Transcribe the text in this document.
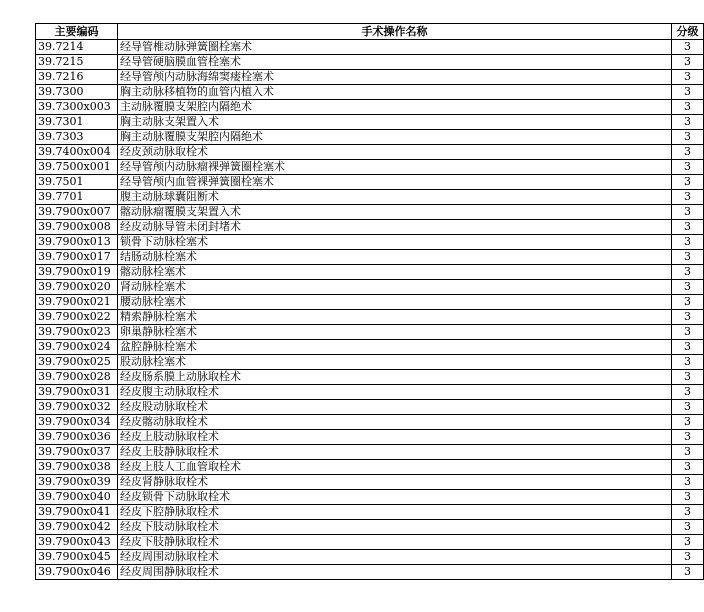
主要编码	手术操作名称	分级
39.7214	经导管椎动脉弹簧圈栓塞术	3
39.7215	经导管硬脑膜血管栓塞术	3
39.7216	经导管颅内动脉海绵窦瘘栓塞术	3
39.7300	胸主动脉移植物的血管内植入术	3
39.7300x003	主动脉覆膜支架腔内隔绝术	3
39.7301	胸主动脉支架置入术	3
39.7303	胸主动脉覆膜支架腔内隔绝术	3
39.7400x004	经皮颈动脉取栓术	3
39.7500x001	经导管颅内动脉瘤裸弹簧圈栓塞术	3
39.7501	经导管颅内血管裸弹簧圈栓塞术	3
39.7701	腹主动脉球囊阻断术	3
39.7900x007	髂动脉瘤覆膜支架置入术	3
39.7900x008	经皮动脉导管未闭封堵术	3
39.7900x013	锁骨下动脉栓塞术	3
39.7900x017	结肠动脉栓塞术	3
39.7900x019	髂动脉栓塞术	3
39.7900x020	肾动脉栓塞术	3
39.7900x021	腰动脉栓塞术	3
39.7900x022	精索静脉栓塞术	3
39.7900x023	卵巢静脉栓塞术	3
39.7900x024	盆腔静脉栓塞术	3
39.7900x025	股动脉栓塞术	3
39.7900x028	经皮肠系膜上动脉取栓术	3
39.7900x031	经皮腹主动脉取栓术	3
39.7900x032	经皮股动脉取栓术	3
39.7900x034	经皮髂动脉取栓术	3
39.7900x036	经皮上肢动脉取栓术	3
39.7900x037	经皮上肢静脉取栓术	3
39.7900x038	经皮上肢人工血管取栓术	3
39.7900x039	经皮肾静脉取栓术	3
39.7900x040	经皮锁骨下动脉取栓术	3
39.7900x041	经皮下腔静脉取栓术	3
39.7900x042	经皮下肢动脉取栓术	3
39.7900x043	经皮下肢静脉取栓术	3
39.7900x045	经皮周围动脉取栓术	3
39.7900x046	经皮周围静脉取栓术	3
